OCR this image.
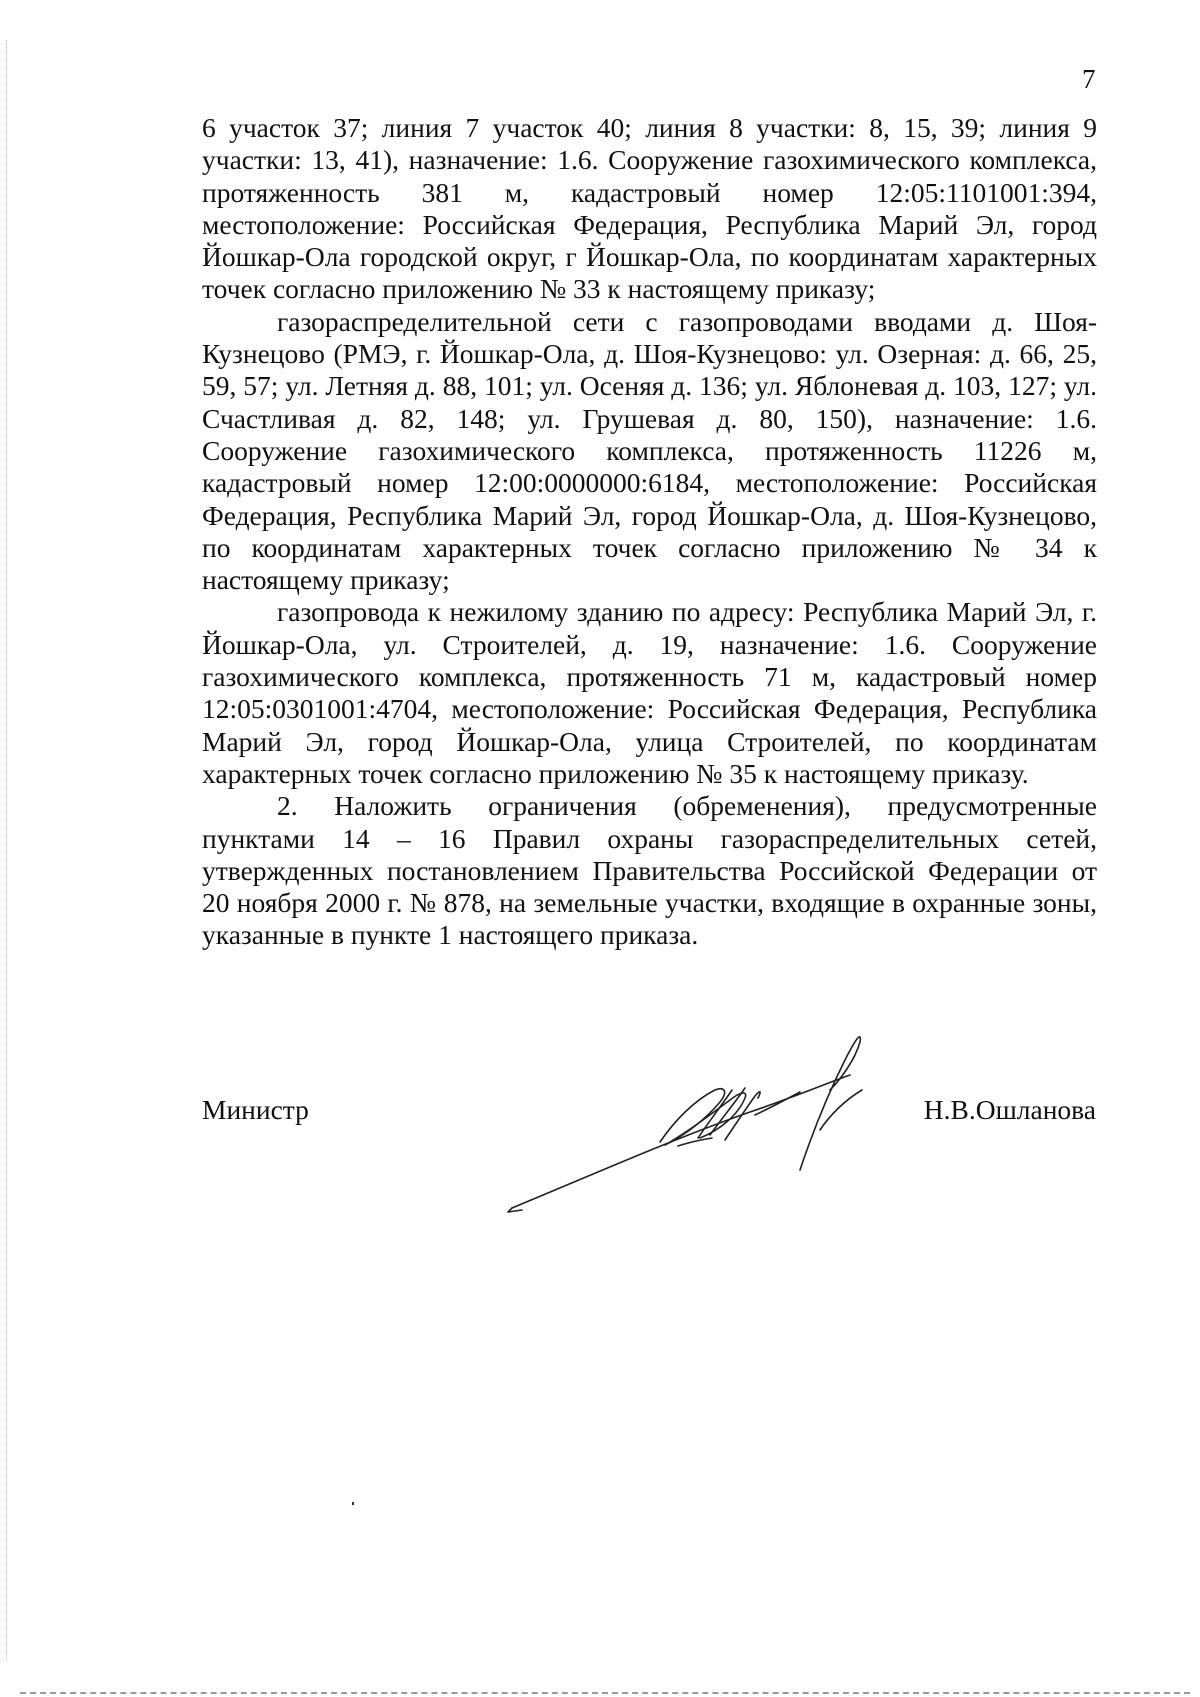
7

6 участок 37; линия 7 участок 40; линия 8 участки: 8, 15, 39; линия 9 участки: 13, 41), назначение: 1.6. Сооружение газохимического комплекса, протяженность 381 м, кадастровый номер 12:05:1101001:394, местоположение: Российская Федерация, Республика Марий Эл, город Йошкар-Ола городской округ, г Йошкар-Ола, по координатам характерных точек согласно приложению № 33 к настоящему приказу;

газораспределительной сети с газопроводами вводами д. Шоя-Кузнецово (РМЭ, г. Йошкар-Ола, д. Шоя-Кузнецово: ул. Озерная: д. 66, 25, 59, 57; ул. Летняя д. 88, 101; ул. Осеняя д. 136; ул. Яблоневая д. 103, 127; ул. Счастливая д. 82, 148; ул. Грушевая д. 80, 150), назначение: 1.6. Сооружение газохимического комплекса, протяженность 11226 м, кадастровый номер 12:00:0000000:6184, местоположение: Российская Федерация, Республика Марий Эл, город Йошкар-Ола, д. Шоя-Кузнецово, по координатам характерных точек согласно приложению № 34 к настоящему приказу;

газопровода к нежилому зданию по адресу: Республика Марий Эл, г. Йошкар-Ола, ул. Строителей, д. 19, назначение: 1.6. Сооружение газохимического комплекса, протяженность 71 м, кадастровый номер 12:05:0301001:4704, местоположение: Российская Федерация, Республика Марий Эл, город Йошкар-Ола, улица Строителей, по координатам характерных точек согласно приложению № 35 к настоящему приказу.

2. Наложить ограничения (обременения), предусмотренные пунктами 14 – 16 Правил охраны газораспределительных сетей, утвержденных постановлением Правительства Российской Федерации от 20 ноября 2000 г. № 878, на земельные участки, входящие в охранные зоны, указанные в пункте 1 настоящего приказа.

Министр	Н.В.Ошланова
